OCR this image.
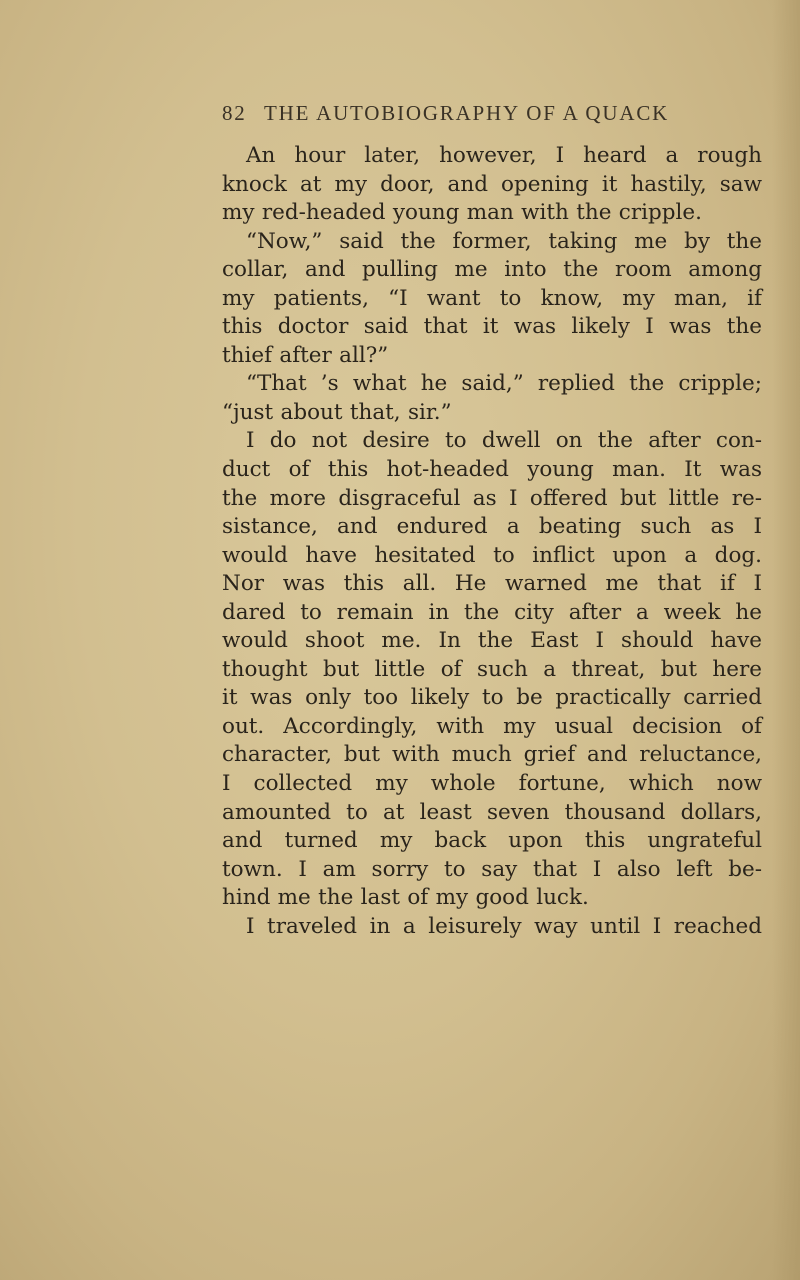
82 THE AUTOBIOGRAPHY OF A QUACK
An hour later, however, I heard a rough
knock at my door, and opening it hastily, saw
my red-headed young man with the cripple.
“Now,” said the former, taking me by the
collar, and pulling me into the room among
my patients, “I want to know, my man, if
this doctor said that it was likely I was the
thief after all?”
“That ’s what he said,” replied the cripple;
“just about that, sir.”
I do not desire to dwell on the after con-
duct of this hot-headed young man. It was
the more disgraceful as I offered but little re-
sistance, and endured a beating such as I
would have hesitated to inflict upon a dog.
Nor was this all. He warned me that if I
dared to remain in the city after a week he
would shoot me. In the East I should have
thought but little of such a threat, but here
it was only too likely to be practically carried
out. Accordingly, with my usual decision of
character, but with much grief and reluctance,
I collected my whole fortune, which now
amounted to at least seven thousand dollars,
and turned my back upon this ungrateful
town. I am sorry to say that I also left be-
hind me the last of my good luck.
I traveled in a leisurely way until I reached
